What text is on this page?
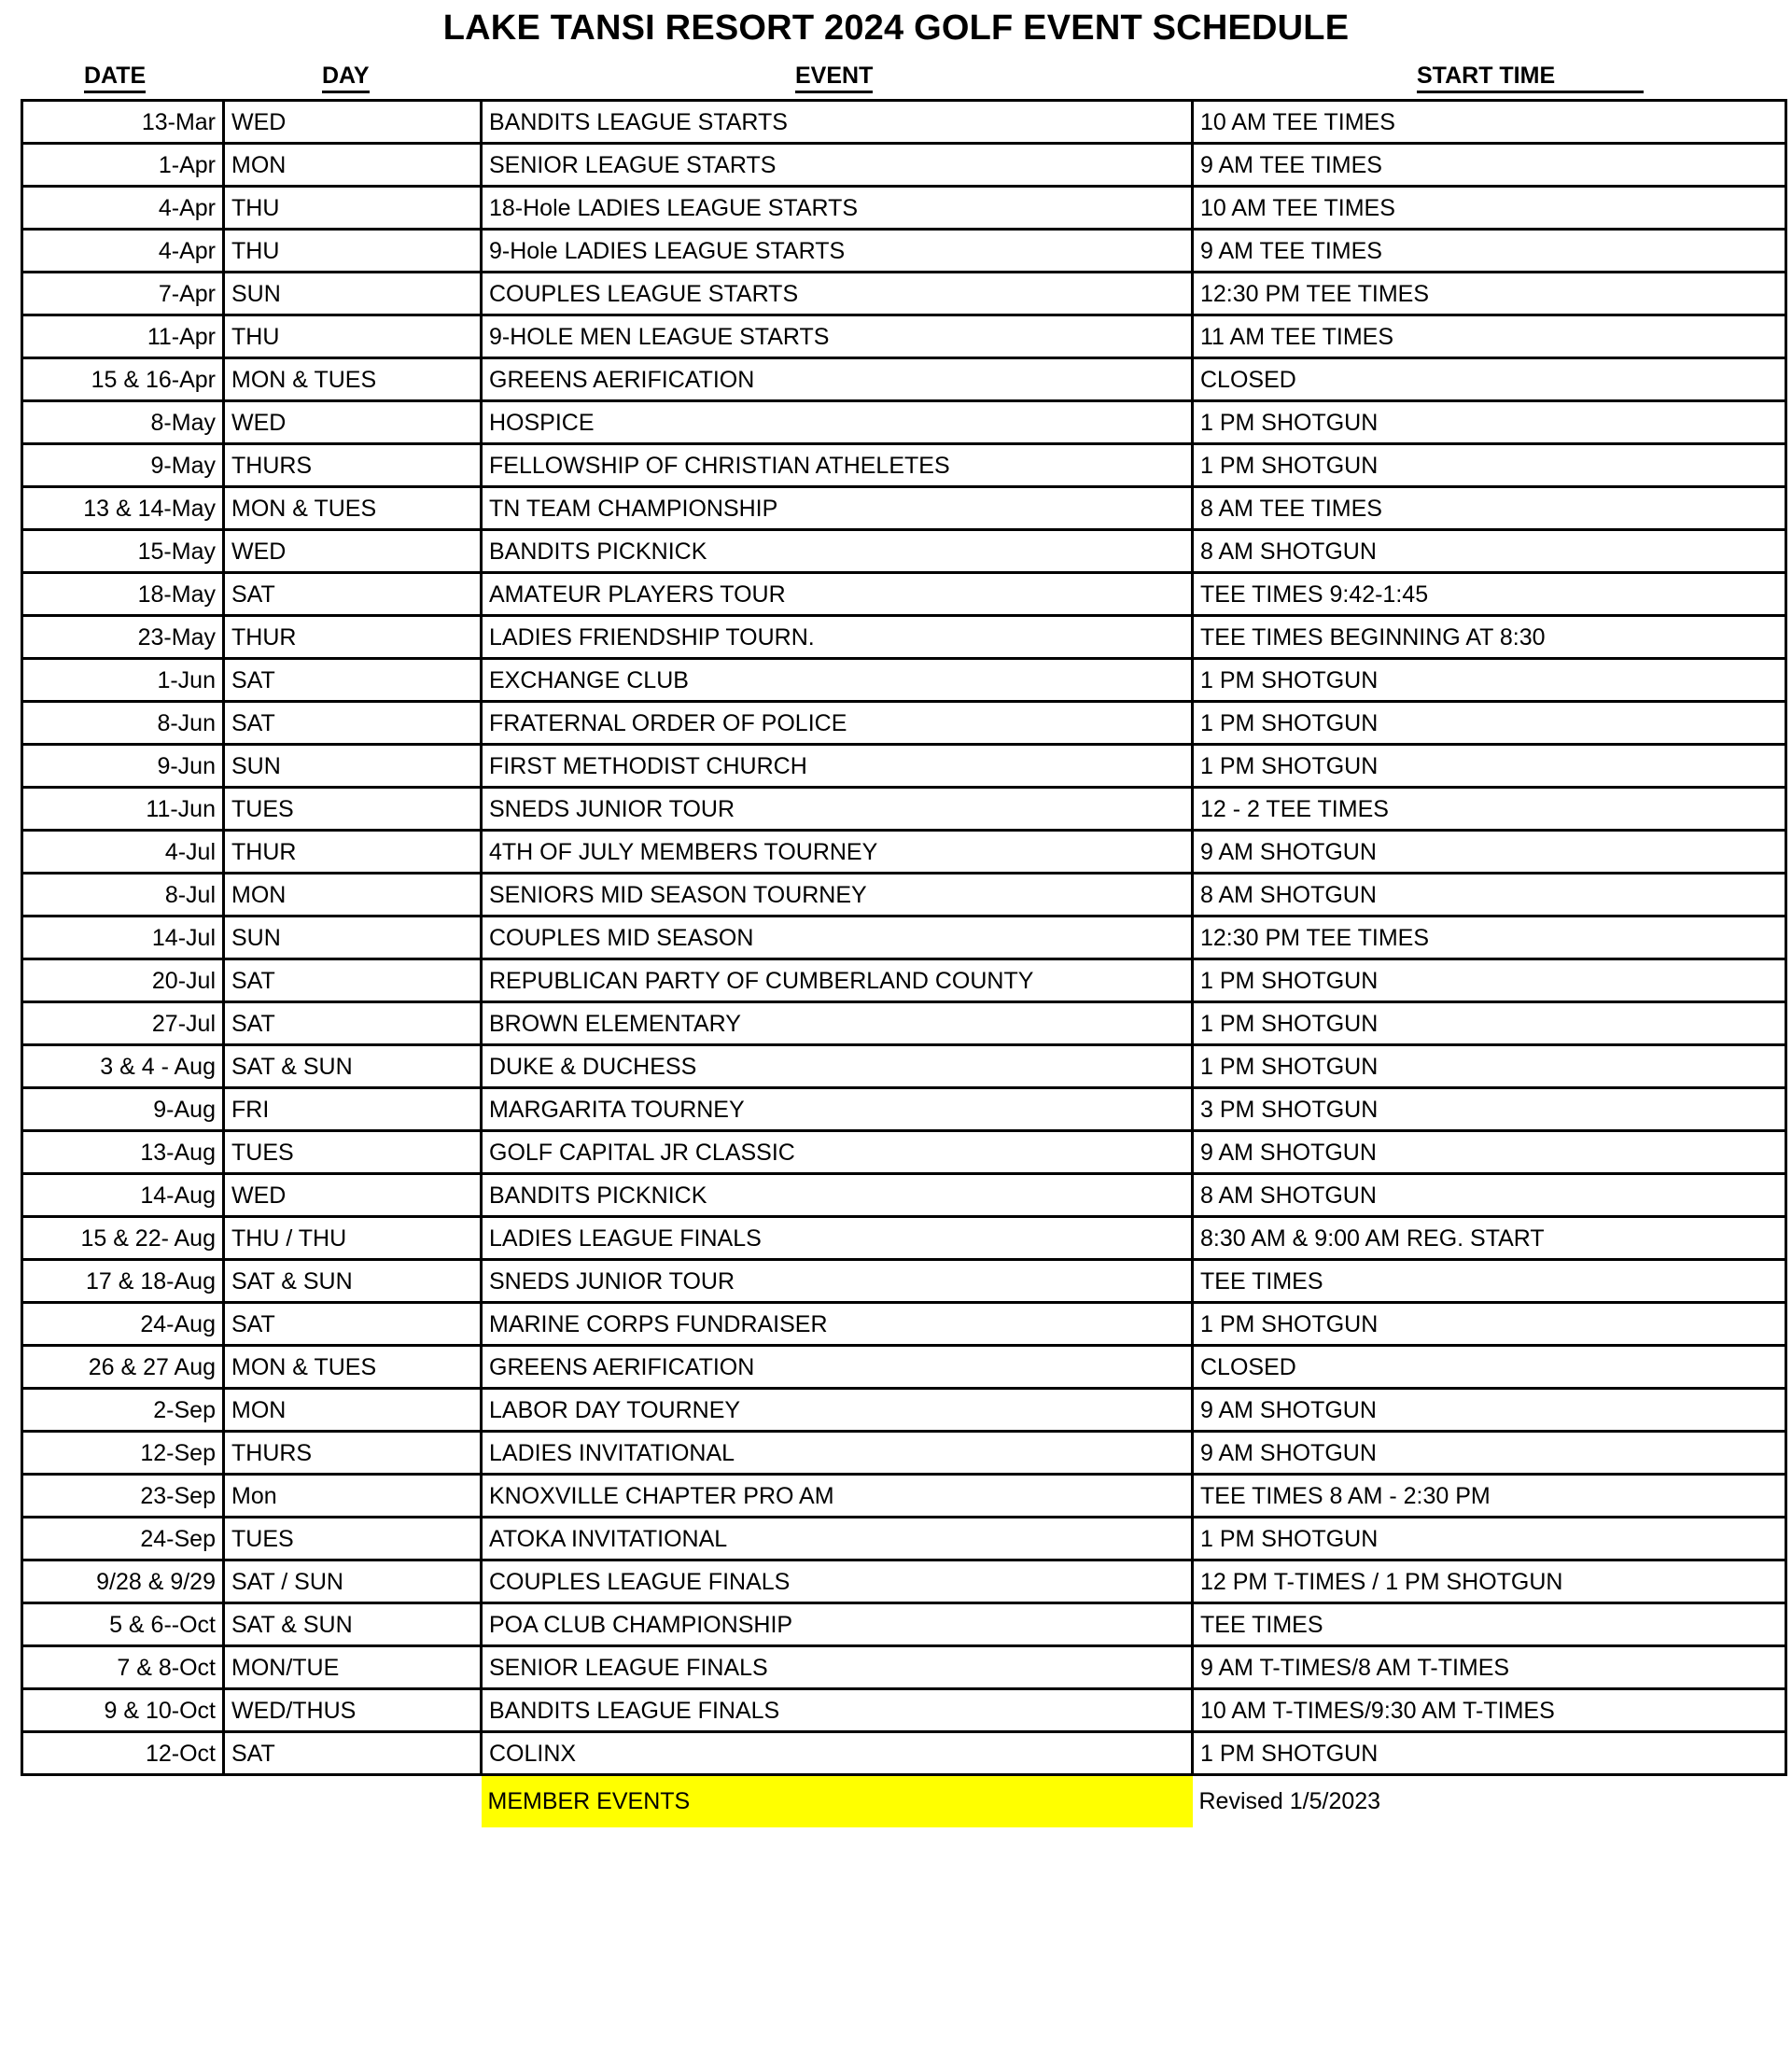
LAKE TANSI RESORT 2024 GOLF EVENT SCHEDULE
DATE	DAY	EVENT	START TIME
13-Mar	WED	BANDITS LEAGUE STARTS	10 AM TEE TIMES
1-Apr	MON	SENIOR LEAGUE STARTS	9 AM TEE TIMES
4-Apr	THU	18-Hole LADIES LEAGUE STARTS	10 AM TEE TIMES
4-Apr	THU	9-Hole LADIES LEAGUE STARTS	9 AM TEE TIMES
7-Apr	SUN	COUPLES LEAGUE STARTS	12:30 PM TEE TIMES
11-Apr	THU	9-HOLE MEN LEAGUE STARTS	11 AM TEE TIMES
15 & 16-Apr	MON & TUES	GREENS AERIFICATION	CLOSED
8-May	WED	HOSPICE	1 PM SHOTGUN
9-May	THURS	FELLOWSHIP OF CHRISTIAN ATHELETES	1 PM SHOTGUN
13 & 14-May	MON & TUES	TN TEAM CHAMPIONSHIP	8 AM TEE TIMES
15-May	WED	BANDITS PICKNICK	8 AM SHOTGUN
18-May	SAT	AMATEUR PLAYERS TOUR	TEE TIMES 9:42-1:45
23-May	THUR	LADIES FRIENDSHIP TOURN.	TEE TIMES BEGINNING AT 8:30
1-Jun	SAT	EXCHANGE CLUB	1 PM SHOTGUN
8-Jun	SAT	FRATERNAL ORDER OF POLICE	1 PM SHOTGUN
9-Jun	SUN	FIRST METHODIST CHURCH	1 PM SHOTGUN
11-Jun	TUES	SNEDS JUNIOR TOUR	12 - 2 TEE TIMES
4-Jul	THUR	4TH OF JULY MEMBERS TOURNEY	9 AM SHOTGUN
8-Jul	MON	SENIORS MID SEASON TOURNEY	8 AM SHOTGUN
14-Jul	SUN	COUPLES MID SEASON	12:30 PM TEE TIMES
20-Jul	SAT	REPUBLICAN PARTY OF CUMBERLAND COUNTY	1 PM SHOTGUN
27-Jul	SAT	BROWN ELEMENTARY	1 PM SHOTGUN
3 & 4 - Aug	SAT & SUN	DUKE & DUCHESS	1 PM SHOTGUN
9-Aug	FRI	MARGARITA TOURNEY	3 PM SHOTGUN
13-Aug	TUES	GOLF CAPITAL JR CLASSIC	9 AM SHOTGUN
14-Aug	WED	BANDITS PICKNICK	8 AM SHOTGUN
15 & 22- Aug	THU / THU	LADIES LEAGUE FINALS	8:30 AM & 9:00 AM REG. START
17 & 18-Aug	SAT & SUN	SNEDS JUNIOR TOUR	TEE TIMES
24-Aug	SAT	MARINE CORPS FUNDRAISER	1 PM SHOTGUN
26 & 27 Aug	MON & TUES	GREENS AERIFICATION	CLOSED
2-Sep	MON	LABOR DAY TOURNEY	9 AM SHOTGUN
12-Sep	THURS	LADIES INVITATIONAL	9 AM SHOTGUN
23-Sep	Mon	KNOXVILLE CHAPTER PRO AM	TEE TIMES 8 AM - 2:30 PM
24-Sep	TUES	ATOKA INVITATIONAL	1 PM SHOTGUN
9/28 & 9/29	SAT / SUN	COUPLES LEAGUE FINALS	12 PM T-TIMES / 1 PM SHOTGUN
5 & 6--Oct	SAT & SUN	POA CLUB CHAMPIONSHIP	TEE TIMES
7 & 8-Oct	MON/TUE	SENIOR LEAGUE FINALS	9 AM T-TIMES/8 AM T-TIMES
9 & 10-Oct	WED/THUS	BANDITS LEAGUE FINALS	10 AM T-TIMES/9:30 AM T-TIMES
12-Oct	SAT	COLINX	1 PM SHOTGUN
		MEMBER EVENTS	Revised 1/5/2023
